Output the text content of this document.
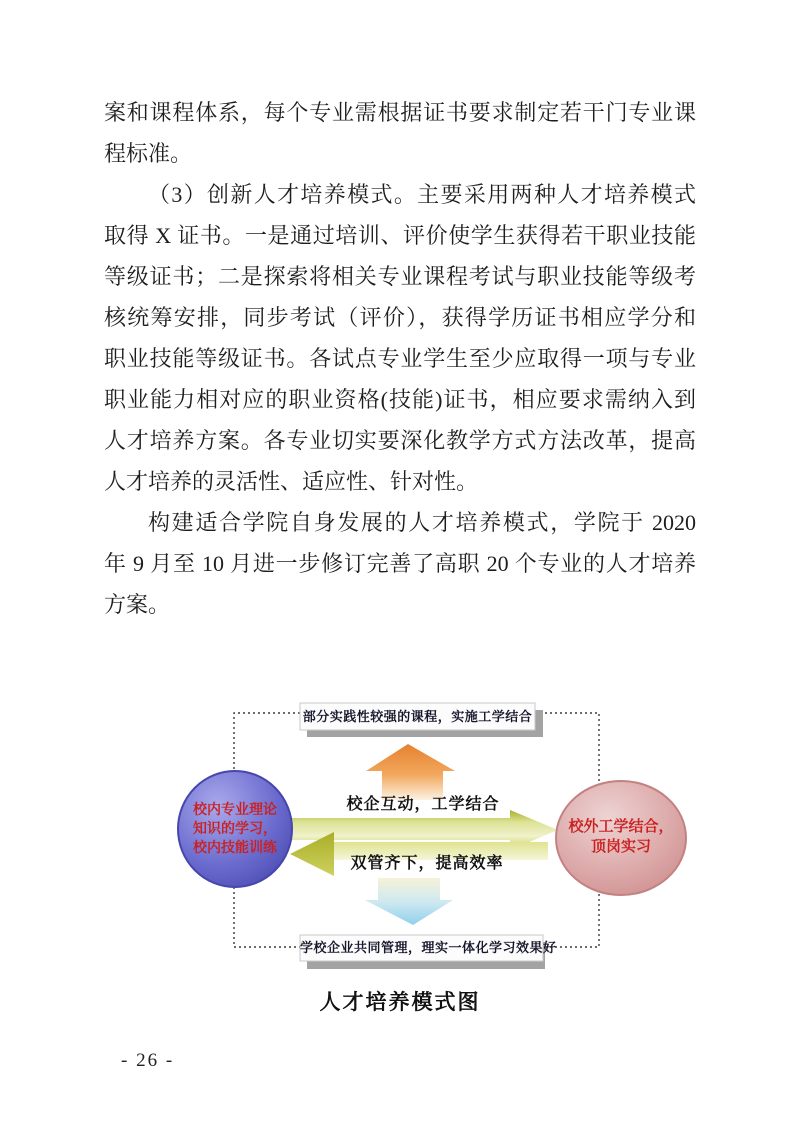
案和课程体系，每个专业需根据证书要求制定若干门专业课
程标准。
（3）创新人才培养模式。主要采用两种人才培养模式
取得 X 证书。一是通过培训、评价使学生获得若干职业技能
等级证书；二是探索将相关专业课程考试与职业技能等级考
核统筹安排，同步考试（评价），获得学历证书相应学分和
职业技能等级证书。各试点专业学生至少应取得一项与专业
职业能力相对应的职业资格(技能)证书，相应要求需纳入到
人才培养方案。各专业切实要深化教学方式方法改革，提高
人才培养的灵活性、适应性、针对性。
构建适合学院自身发展的人才培养模式，学院于 2020
年 9 月至 10 月进一步修订完善了高职 20 个专业的人才培养
方案。
部分实践性较强的课程，实施工学结合
学校企业共同管理，理实一体化学习效果好
校企互动，工学结合
双管齐下，提高效率
校内专业理论
知识的学习，
校内技能训练
校外工学结合，
顶岗实习
人才培养模式图
- 26 -
